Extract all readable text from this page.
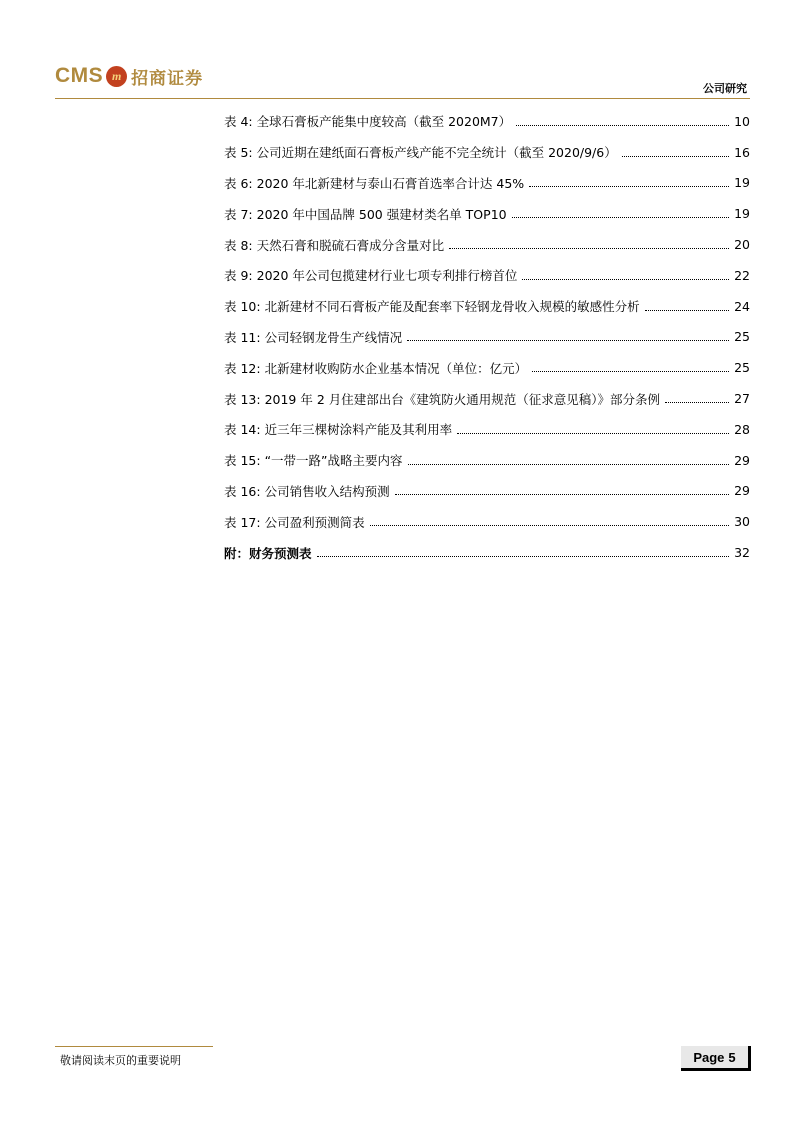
CMS m 招商证券	公司研究
表 4: 全球石膏板产能集中度较高（截至 2020M7）	10
表 5: 公司近期在建纸面石膏板产线产能不完全统计（截至 2020/9/6）	16
表 6: 2020 年北新建材与泰山石膏首选率合计达 45%	19
表 7: 2020 年中国品牌 500 强建材类名单 TOP10	19
表 8: 天然石膏和脱硫石膏成分含量对比	20
表 9: 2020 年公司包揽建材行业七项专利排行榜首位	22
表 10: 北新建材不同石膏板产能及配套率下轻钢龙骨收入规模的敏感性分析	24
表 11: 公司轻钢龙骨生产线情况	25
表 12: 北新建材收购防水企业基本情况（单位：亿元）	25
表 13: 2019 年 2 月住建部出台《建筑防火通用规范（征求意见稿）》部分条例	27
表 14: 近三年三棵树涂料产能及其利用率	28
表 15: “一带一路”战略主要内容	29
表 16: 公司销售收入结构预测	29
表 17: 公司盈利预测简表	30
附：财务预测表	32
敬请阅读末页的重要说明	Page 5
